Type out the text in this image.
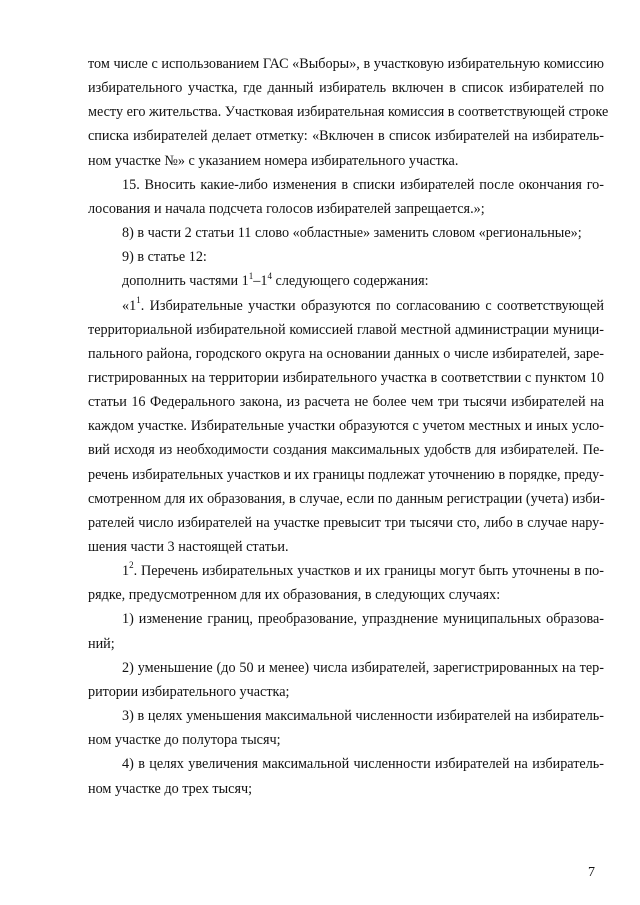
том числе с использованием ГАС «Выборы», в участковую избирательную комиссию
избирательного участка, где данный избиратель включен в список избирателей по
месту его жительства. Участковая избирательная комиссия в соответствующей строке
списка избирателей делает отметку: «Включен в список избирателей на избиратель-
ном участке №» с указанием номера избирательного участка.
15. Вносить какие-либо изменения в списки избирателей после окончания го-
лосования и начала подсчета голосов избирателей запрещается.»;
8) в части 2 статьи 11 слово «областные» заменить словом «региональные»;
9) в статье 12:
дополнить частями $1^1-1^4$ следующего содержания:
«$1^1$. Избирательные участки образуются по согласованию с соответствующей
территориальной избирательной комиссией главой местной администрации муници-
пального района, городского округа на основании данных о числе избирателей, заре-
гистрированных на территории избирательного участка в соответствии с пунктом 10
статьи 16 Федерального закона, из расчета не более чем три тысячи избирателей на
каждом участке. Избирательные участки образуются с учетом местных и иных усло-
вий исходя из необходимости создания максимальных удобств для избирателей. Пе-
речень избирательных участков и их границы подлежат уточнению в порядке, преду-
смотренном для их образования, в случае, если по данным регистрации (учета) изби-
рателей число избирателей на участке превысит три тысячи сто, либо в случае нару-
шения части 3 настоящей статьи.
$1^2$. Перечень избирательных участков и их границы могут быть уточнены в по-
рядке, предусмотренном для их образования, в следующих случаях:
1) изменение границ, преобразование, упразднение муниципальных образова-
ний;
2) уменьшение (до 50 и менее) числа избирателей, зарегистрированных на тер-
ритории избирательного участка;
3) в целях уменьшения максимальной численности избирателей на избиратель-
ном участке до полутора тысяч;
4) в целях увеличения максимальной численности избирателей на избиратель-
ном участке до трех тысяч;
7
